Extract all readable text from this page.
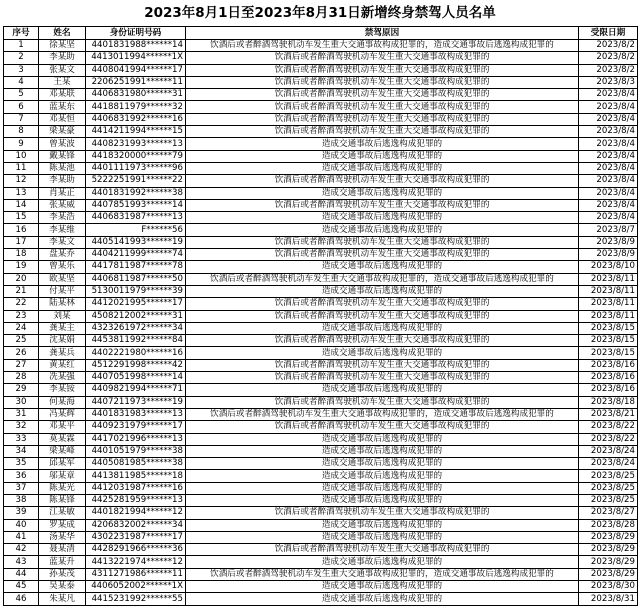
2023年8月1日至2023年8月31日新增终身禁驾人员名单
序号	姓名	身份证明号码	禁驾原因	受限日期
1	徐某坚	4401831988******14	饮酒后或者醉酒驾驶机动车发生重大交通事故构成犯罪的，造成交通事故后逃逸构成犯罪的	2023/8/2
2	李某助	4413011994******1X	饮酒后或者醉酒驾驶机动车发生重大交通事故构成犯罪的	2023/8/2
3	张某文	4408041994******17	饮酒后或者醉酒驾驶机动车发生重大交通事故构成犯罪的	2023/8/2
4	王某	2206251991******11	饮酒后或者醉酒驾驶机动车发生重大交通事故构成犯罪的	2023/8/3
5	邓某联	4406831980******31	饮酒后或者醉酒驾驶机动车发生重大交通事故构成犯罪的	2023/8/4
6	蓝某东	4418811979******32	饮酒后或者醉酒驾驶机动车发生重大交通事故构成犯罪的	2023/8/4
7	邓某恒	4406831992******16	饮酒后或者醉酒驾驶机动车发生重大交通事故构成犯罪的	2023/8/4
8	梁某豪	4414211994******15	饮酒后或者醉酒驾驶机动车发生重大交通事故构成犯罪的	2023/8/4
9	曾某波	4408231993******13	造成交通事故后逃逸构成犯罪的	2023/8/4
10	戴某锋	4418320000******79	造成交通事故后逃逸构成犯罪的	2023/8/4
11	陈某池	4401111973******96	造成交通事故后逃逸构成犯罪的	2023/8/4
12	李某助	5222251991******22	饮酒后或者醉酒驾驶机动车发生重大交通事故构成犯罪的	2023/8/4
13	肖某正	4401831992******38	造成交通事故后逃逸构成犯罪的	2023/8/4
14	张某威	4407851993******14	饮酒后或者醉酒驾驶机动车发生重大交通事故构成犯罪的	2023/8/4
15	李某浩	4406831987******13	造成交通事故后逃逸构成犯罪的	2023/8/4
16	李某维	F******56	造成交通事故后逃逸构成犯罪的	2023/8/7
17	李某文	4405141993******19	饮酒后或者醉酒驾驶机动车发生重大交通事故构成犯罪的	2023/8/9
18	盘某乔	4404211999******74	饮酒后或者醉酒驾驶机动车发生重大交通事故构成犯罪的	2023/8/9
19	曾某乐	4417811987******78	造成交通事故后逃逸构成犯罪的	2023/8/10
20	欧某坚	4406811987******50	饮酒后或者醉酒驾驶机动车发生重大交通事故构成犯罪的，造成交通事故后逃逸构成犯罪的	2023/8/11
21	付某平	5130011979******39	造成交通事故后逃逸构成犯罪的	2023/8/11
22	陆某林	4412021995******17	饮酒后或者醉酒驾驶机动车发生重大交通事故构成犯罪的	2023/8/11
23	刘某	4508212002******31	饮酒后或者醉酒驾驶机动车发生重大交通事故构成犯罪的	2023/8/11
24	龚某主	4323261972******34	造成交通事故后逃逸构成犯罪的	2023/8/15
25	沈某娟	4453811992******84	饮酒后或者醉酒驾驶机动车发生重大交通事故构成犯罪的	2023/8/15
26	龚某兵	4402221980******16	造成交通事故后逃逸构成犯罪的	2023/8/15
27	黄某红	4512291998******42	饮酒后或者醉酒驾驶机动车发生重大交通事故构成犯罪的	2023/8/16
28	冼某强	4407051998******14	饮酒后或者醉酒驾驶机动车发生重大交通事故构成犯罪的	2023/8/16
29	李某铵	4409821994******71	造成交通事故后逃逸构成犯罪的	2023/8/16
30	何某海	4407211973******19	饮酒后或者醉酒驾驶机动车发生重大交通事故构成犯罪的	2023/8/18
31	冯某辉	4401831983******13	饮酒后或者醉酒驾驶机动车发生重大交通事故构成犯罪的，造成交通事故后逃逸构成犯罪的	2023/8/21
32	邓某平	4409231979******17	饮酒后或者醉酒驾驶机动车发生重大交通事故构成犯罪的	2023/8/22
33	莫某霖	4417021996******13	造成交通事故后逃逸构成犯罪的	2023/8/22
34	梁某峰	4401051979******38	造成交通事故后逃逸构成犯罪的	2023/8/24
35	邱某军	4405081985******38	造成交通事故后逃逸构成犯罪的	2023/8/24
36	邬某章	4413811985******18	造成交通事故后逃逸构成犯罪的	2023/8/25
37	陈某光	4412031987******16	造成交通事故后逃逸构成犯罪的	2023/8/25
38	陈某锋	4425281959******13	造成交通事故后逃逸构成犯罪的	2023/8/25
39	江某敏	4401821994******12	饮酒后或者醉酒驾驶机动车发生重大交通事故构成犯罪的	2023/8/27
40	罗某成	4206832002******34	造成交通事故后逃逸构成犯罪的	2023/8/28
41	汤某华	4302231987******17	造成交通事故后逃逸构成犯罪的	2023/8/29
42	聂某清	4428291966******36	饮酒后或者醉酒驾驶机动车发生重大交通事故构成犯罪的	2023/8/29
43	蓝某升	4413221974******12	造成交通事故后逃逸构成犯罪的	2023/8/29
44	孙某茂	4311271986******11	饮酒后或者醉酒驾驶机动车发生重大交通事故构成犯罪的，造成交通事故后逃逸构成犯罪的	2023/8/29
45	吴某泰	4406052002******1X	造成交通事故后逃逸构成犯罪的	2023/8/30
46	朱某凡	4415231992******55	造成交通事故后逃逸构成犯罪的	2023/8/31
